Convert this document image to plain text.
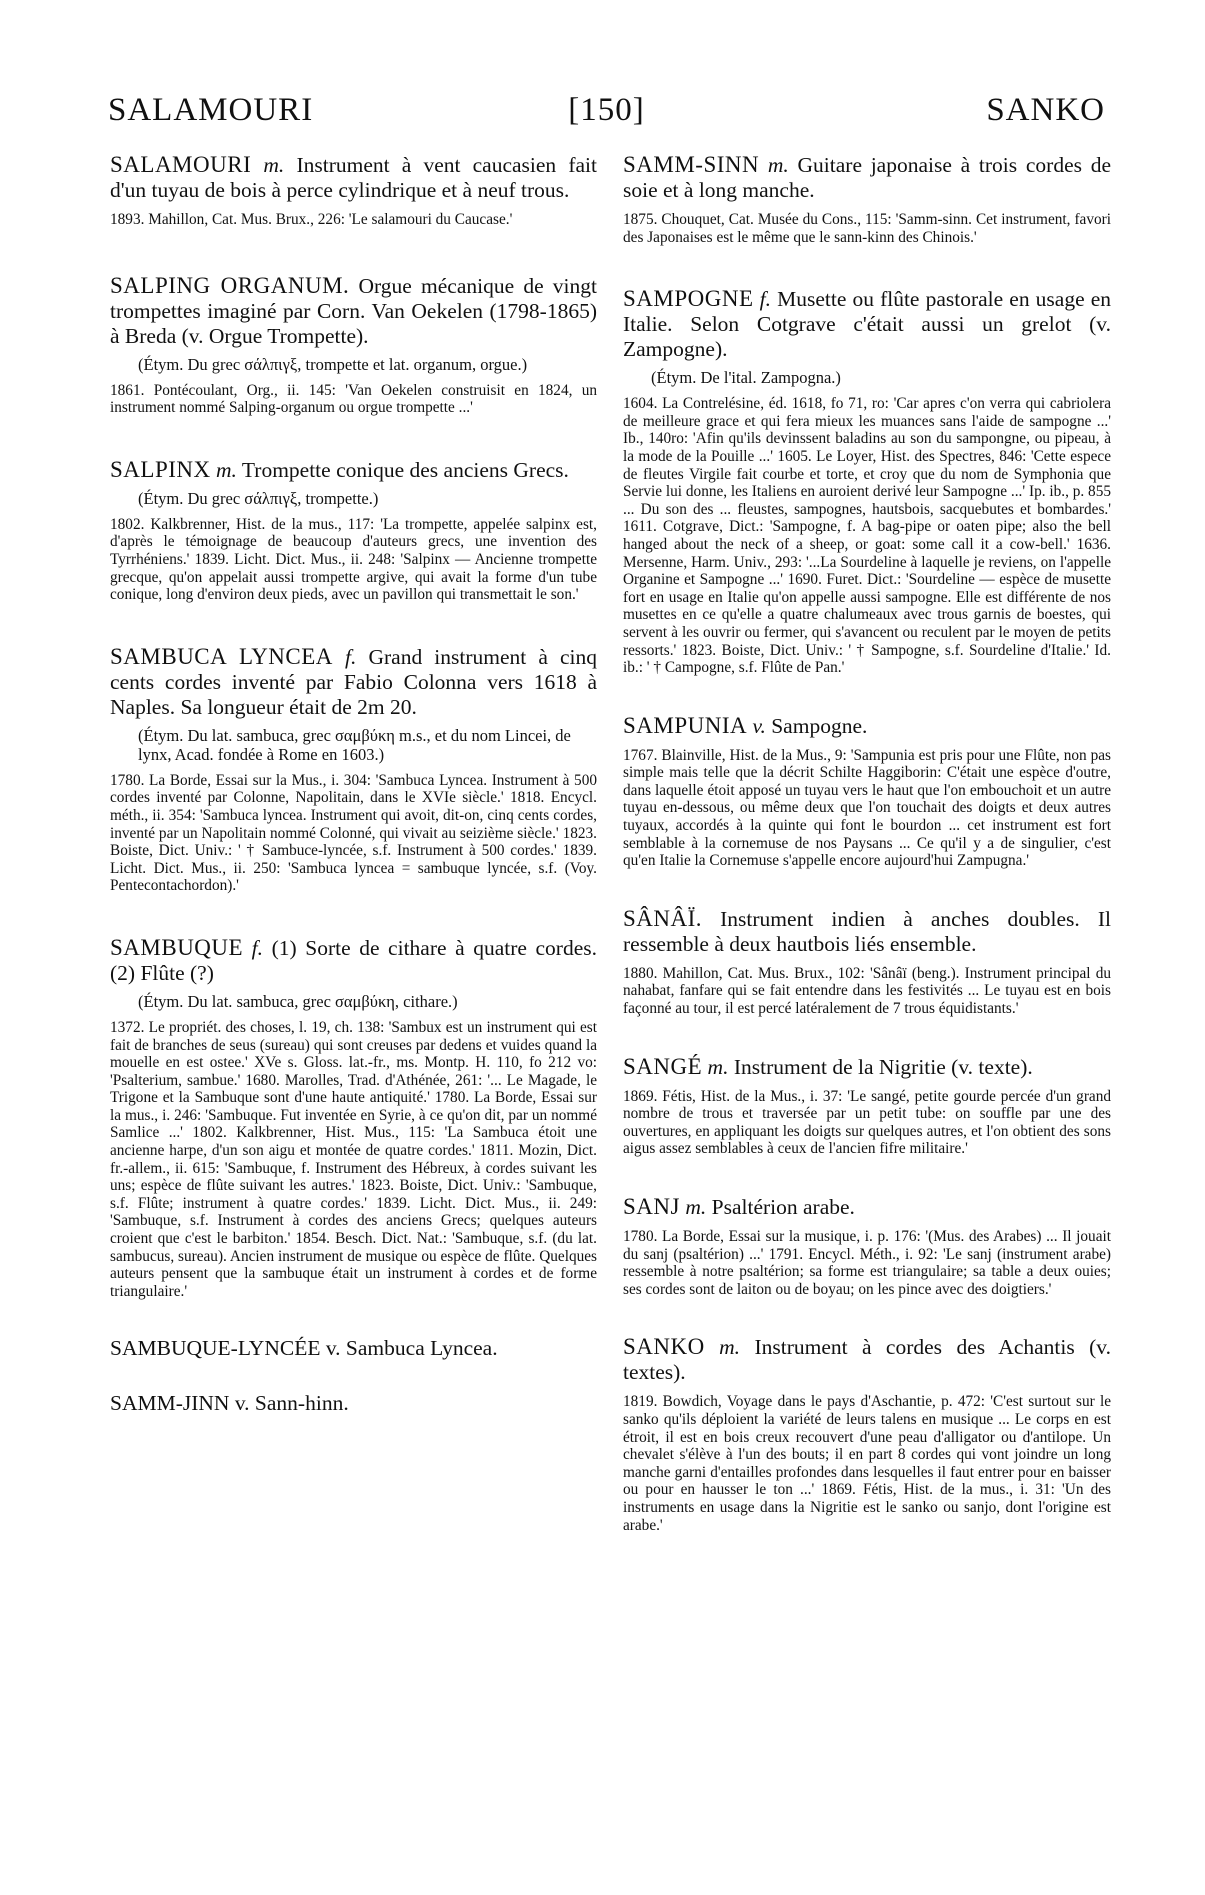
[150]
SALAMOURI	SANKO

SALAMOURI m. Instrument à vent caucasien fait d'un tuyau de bois à perce cylindrique et à neuf trous.

1893. Mahillon, Cat. Mus. Brux., 226: 'Le salamouri du Caucase.'

SALPING ORGANUM. Orgue mécanique de vingt trompettes imaginé par Corn. Van Oekelen (1798-1865) à Breda (v. Orgue Trompette).

(Étym. Du grec σάλπιγξ, trompette et lat. organum, orgue.)

1861. Pontécoulant, Org., ii. 145: 'Van Oekelen construisit en 1824, un instrument nommé Salping-organum ou orgue trompette ...'

SALPINX m. Trompette conique des anciens Grecs.

(Étym. Du grec σάλπιγξ, trompette.)

1802. Kalkbrenner, Hist. de la mus., 117: 'La trompette, appelée salpinx est, d'après le témoignage de beaucoup d'auteurs grecs, une invention des Tyrrhéniens.' 1839. Licht. Dict. Mus., ii. 248: 'Salpinx — Ancienne trompette grecque, qu'on appelait aussi trompette argive, qui avait la forme d'un tube conique, long d'environ deux pieds, avec un pavillon qui transmettait le son.'

SAMBUCA LYNCEA f. Grand instrument à cinq cents cordes inventé par Fabio Colonna vers 1618 à Naples. Sa longueur était de 2m 20.

(Étym. Du lat. sambuca, grec σαμβύκη m.s., et du nom Lincei, de lynx, Acad. fondée à Rome en 1603.)

1780. La Borde, Essai sur la Mus., i. 304: 'Sambuca Lyncea. Instrument à 500 cordes inventé par Colonne, Napolitain, dans le XVIe siècle.' 1818. Encycl. méth., ii. 354: 'Sambuca lyncea. Instrument qui avoit, dit-on, cinq cents cordes, inventé par un Napolitain nommé Colonné, qui vivait au seizième siècle.' 1823. Boiste, Dict. Univ.: ' † Sambuce-lyncée, s.f. Instrument à 500 cordes.' 1839. Licht. Dict. Mus., ii. 250: 'Sambuca lyncea = sambuque lyncée, s.f. (Voy. Pentecontachordon).'

SAMBUQUE f. (1) Sorte de cithare à quatre cordes. (2) Flûte (?)

(Étym. Du lat. sambuca, grec σαμβύκη, cithare.)

1372. Le propriét. des choses, l. 19, ch. 138: 'Sambux est un instrument qui est fait de branches de seus (sureau) qui sont creuses par dedens et vuides quand la mouelle en est ostee.' XVe s. Gloss. lat.-fr., ms. Montp. H. 110, fo 212 vo: 'Psalterium, sambue.' 1680. Marolles, Trad. d'Athénée, 261: '... Le Magade, le Trigone et la Sambuque sont d'une haute antiquité.' 1780. La Borde, Essai sur la mus., i. 246: 'Sambuque. Fut inventée en Syrie, à ce qu'on dit, par un nommé Samlice ...' 1802. Kalkbrenner, Hist. Mus., 115: 'La Sambuca étoit une ancienne harpe, d'un son aigu et montée de quatre cordes.' 1811. Mozin, Dict. fr.-allem., ii. 615: 'Sambuque, f. Instrument des Hébreux, à cordes suivant les uns; espèce de flûte suivant les autres.' 1823. Boiste, Dict. Univ.: 'Sambuque, s.f. Flûte; instrument à quatre cordes.' 1839. Licht. Dict. Mus., ii. 249: 'Sambuque, s.f. Instrument à cordes des anciens Grecs; quelques auteurs croient que c'est le barbiton.' 1854. Besch. Dict. Nat.: 'Sambuque, s.f. (du lat. sambucus, sureau). Ancien instrument de musique ou espèce de flûte. Quelques auteurs pensent que la sambuque était un instrument à cordes et de forme triangulaire.'

SAMBUQUE-LYNCÉE v. Sambuca Lyncea.

SAMM-JINN v. Sann-hinn.

SAMM-SINN m. Guitare japonaise à trois cordes de soie et à long manche.

1875. Chouquet, Cat. Musée du Cons., 115: 'Samm-sinn. Cet instrument, favori des Japonaises est le même que le sann-kinn des Chinois.'

SAMPOGNE f. Musette ou flûte pastorale en usage en Italie. Selon Cotgrave c'était aussi un grelot (v. Zampogne).

(Étym. De l'ital. Zampogna.)

1604. La Contrelésine, éd. 1618, fo 71, ro: 'Car apres c'on verra qui cabriolera de meilleure grace et qui fera mieux les muances sans l'aide de sampogne ...' Ib., 140ro: 'Afin qu'ils devinssent baladins au son du sampongne, ou pipeau, à la mode de la Pouille ...' 1605. Le Loyer, Hist. des Spectres, 846: 'Cette espece de fleutes Virgile fait courbe et torte, et croy que du nom de Symphonia que Servie lui donne, les Italiens en auroient derivé leur Sampogne ...' Ip. ib., p. 855 ... Du son des ... fleustes, sampognes, hautsbois, sacquebutes et bombardes.' 1611. Cotgrave, Dict.: 'Sampogne, f. A bag-pipe or oaten pipe; also the bell hanged about the neck of a sheep, or goat: some call it a cow-bell.' 1636. Mersenne, Harm. Univ., 293: '...La Sourdeline à laquelle je reviens, on l'appelle Organine et Sampogne ...' 1690. Furet. Dict.: 'Sourdeline — espèce de musette fort en usage en Italie qu'on appelle aussi sampogne. Elle est différente de nos musettes en ce qu'elle a quatre chalumeaux avec trous garnis de boestes, qui servent à les ouvrir ou fermer, qui s'avancent ou reculent par le moyen de petits ressorts.' 1823. Boiste, Dict. Univ.: ' † Sampogne, s.f. Sourdeline d'Italie.' Id. ib.: ' † Campogne, s.f. Flûte de Pan.'

SAMPUNIA v. Sampogne.

1767. Blainville, Hist. de la Mus., 9: 'Sampunia est pris pour une Flûte, non pas simple mais telle que la décrit Schilte Haggiborin: C'était une espèce d'outre, dans laquelle étoit apposé un tuyau vers le haut que l'on embouchoit et un autre tuyau en-dessous, ou même deux que l'on touchait des doigts et deux autres tuyaux, accordés à la quinte qui font le bourdon ... cet instrument est fort semblable à la cornemuse de nos Paysans ... Ce qu'il y a de singulier, c'est qu'en Italie la Cornemuse s'appelle encore aujourd'hui Zampugna.'

SÂNÂÏ. Instrument indien à anches doubles. Il ressemble à deux hautbois liés ensemble.

1880. Mahillon, Cat. Mus. Brux., 102: 'Sânâï (beng.). Instrument principal du nahabat, fanfare qui se fait entendre dans les festivités ... Le tuyau est en bois façonné au tour, il est percé latéralement de 7 trous équidistants.'

SANGÉ m. Instrument de la Nigritie (v. texte).

1869. Fétis, Hist. de la Mus., i. 37: 'Le sangé, petite gourde percée d'un grand nombre de trous et traversée par un petit tube: on souffle par une des ouvertures, en appliquant les doigts sur quelques autres, et l'on obtient des sons aigus assez semblables à ceux de l'ancien fifre militaire.'

SANJ m. Psaltérion arabe.

1780. La Borde, Essai sur la musique, i. p. 176: '(Mus. des Arabes) ... Il jouait du sanj (psaltérion) ...' 1791. Encycl. Méth., i. 92: 'Le sanj (instrument arabe) ressemble à notre psaltérion; sa forme est triangulaire; sa table a deux ouies; ses cordes sont de laiton ou de boyau; on les pince avec des doigtiers.'

SANKO m. Instrument à cordes des Achantis (v. textes).

1819. Bowdich, Voyage dans le pays d'Aschantie, p. 472: 'C'est surtout sur le sanko qu'ils déploient la variété de leurs talens en musique ... Le corps en est étroit, il est en bois creux recouvert d'une peau d'alligator ou d'antilope. Un chevalet s'élève à l'un des bouts; il en part 8 cordes qui vont joindre un long manche garni d'entailles profondes dans lesquelles il faut entrer pour en baisser ou pour en hausser le ton ...' 1869. Fétis, Hist. de la mus., i. 31: 'Un des instruments en usage dans la Nigritie est le sanko ou sanjo, dont l'origine est arabe.'
